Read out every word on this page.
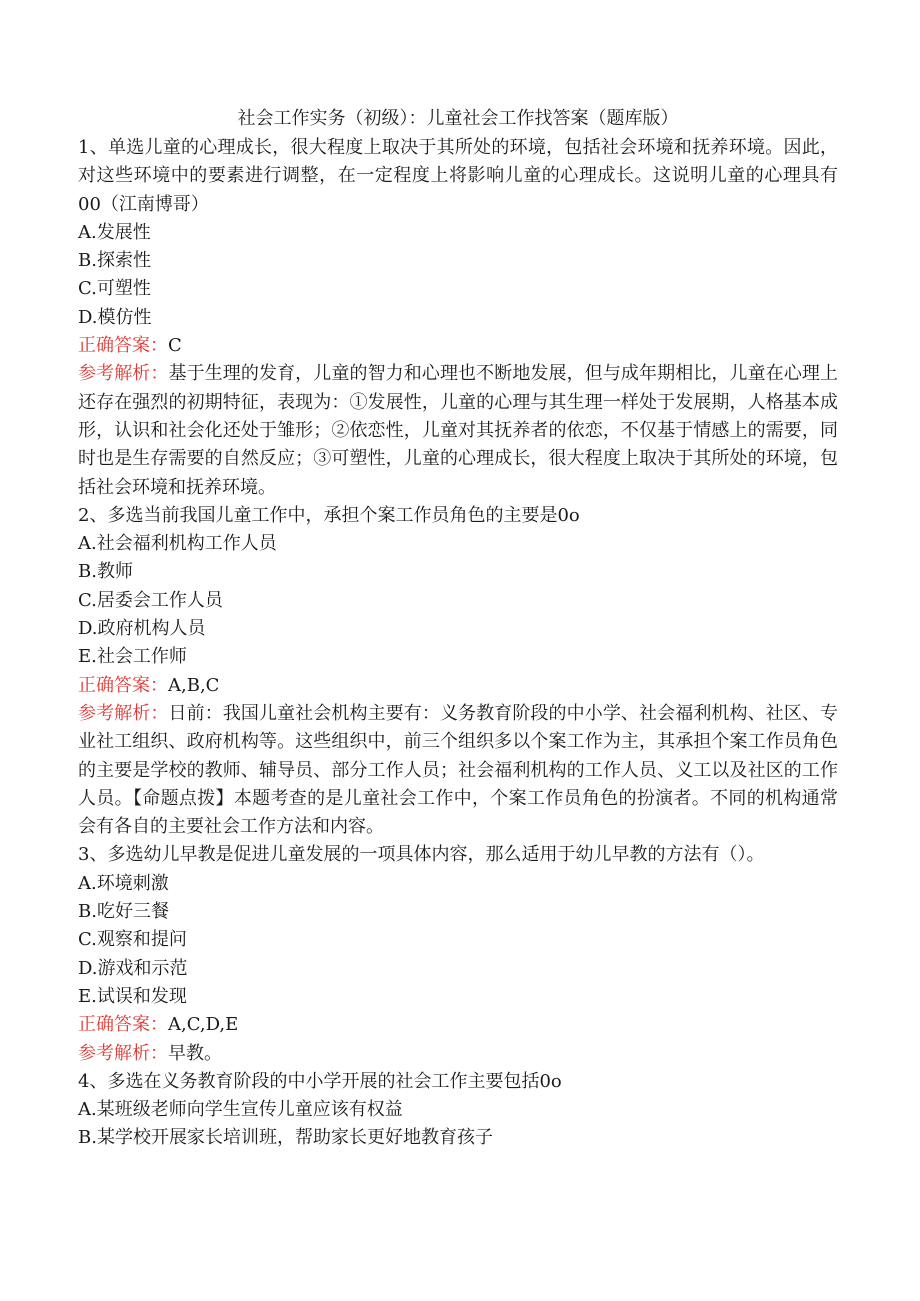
社会工作实务（初级）：儿童社会工作找答案（题库版）

1、单选儿童的心理成长，很大程度上取决于其所处的环境，包括社会环境和抚养环境。因此，对这些环境中的要素进行调整，在一定程度上将影响儿童的心理成长。这说明儿童的心理具有00（江南博哥）

A.发展性

B.探索性

C.可塑性

D.模仿性

正确答案：C

参考解析：基于生理的发育，儿童的智力和心理也不断地发展，但与成年期相比，儿童在心理上还存在强烈的初期特征，表现为：①发展性，儿童的心理与其生理一样处于发展期，人格基本成形，认识和社会化还处于雏形；②依恋性，儿童对其抚养者的依恋，不仅基于情感上的需要，同时也是生存需要的自然反应；③可塑性，儿童的心理成长，很大程度上取决于其所处的环境，包括社会环境和抚养环境。

2、多选当前我国儿童工作中，承担个案工作员角色的主要是0o

A.社会福利机构工作人员

B.教师

C.居委会工作人员

D.政府机构人员

E.社会工作师

正确答案：A,B,C

参考解析：日前：我国儿童社会机构主要有：义务教育阶段的中小学、社会福利机构、社区、专业社工组织、政府机构等。这些组织中，前三个组织多以个案工作为主，其承担个案工作员角色的主要是学校的教师、辅导员、部分工作人员；社会福利机构的工作人员、义工以及社区的工作人员。【命题点拨】本题考查的是儿童社会工作中，个案工作员角色的扮演者。不同的机构通常会有各自的主要社会工作方法和内容。

3、多选幼儿早教是促进儿童发展的一项具体内容，那么适用于幼儿早教的方法有（）。

A.环境刺激

B.吃好三餐

C.观察和提问

D.游戏和示范

E.试误和发现

正确答案：A,C,D,E

参考解析：早教。

4、多选在义务教育阶段的中小学开展的社会工作主要包括0o

A.某班级老师向学生宣传儿童应该有权益

B.某学校开展家长培训班，帮助家长更好地教育孩子
